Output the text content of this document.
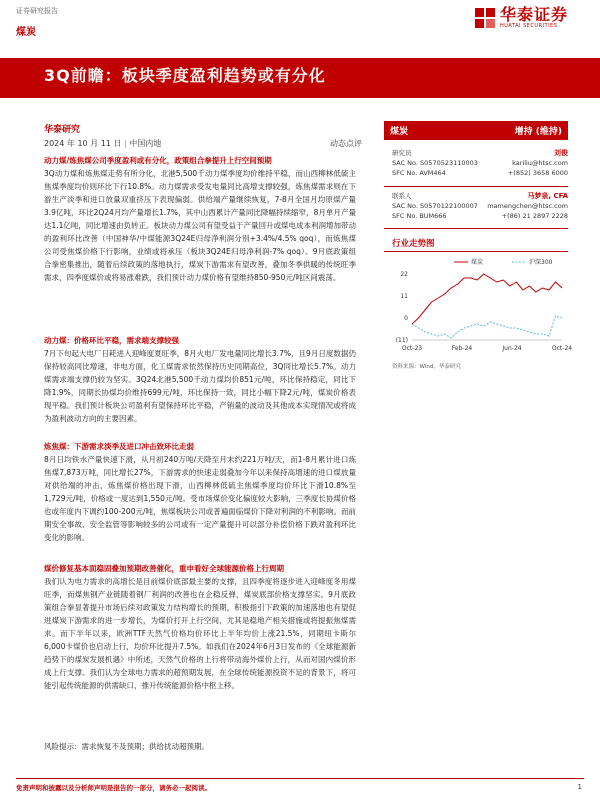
证券研究报告
煤炭
华泰证券
HUATAI SECURITIES
3Q前瞻：板块季度盈利趋势或有分化
华泰研究
2024 年 10 月 11 日 | 中国内地	动态点评

动力煤/炼焦煤公司季度盈利或有分化，政策组合拳提升上行空间预期
3Q动力煤和炼焦煤走势有所分化，北港5,500千动力煤季度均价维持平稳，而山西柳林低硫主焦煤季度均价则环比下行10.8%。动力煤需求受发电量同比高增支撑较强，炼焦煤需求则在下游生产淡季和进口放量双重挤压下表现偏弱。供给端产量继续恢复，7-8月全国月均原煤产量3.9亿吨，环比2Q24月均产量增长1.7%，其中山西累计产量同比降幅持续缩窄，8月单月产量达1.1亿吨，同比增速由负转正。板块动力煤公司有望受益于产量回升或煤电成本利润增加带动的盈利环比改善（中国神华/中煤能源3Q24E归母净利润分别+3.4%/4.5% qoq），而炼焦煤公司受焦煤价格下行影响，业绩或将承压（板块3Q24E归母净利润-7% qoq）。9月底政策组合拳密集推出，随着后续政策的落地执行，煤炭下游需求有望改善，叠加冬季供暖的传统旺季需求，四季度煤价或将易涨难跌，我们预计动力煤价格有望维持850-950元/吨区间震荡。

动力煤：价格环比平稳，需求端支撑较强
7月下旬起大电厂日耗进入迎峰度夏旺季，8月火电厂发电量同比增长3.7%，且9月日度数据仍保持较高同比增速，非电方面，化工煤需求依然保持历史同期高位，3Q同比增长5.7%。动力煤需求端支撑仍较为坚实。3Q24北港5,500千动力煤均价851元/吨，环比保持稳定，同比下降1.9%，同期长协煤均价维持699元/吨，环比保持一致，同比小幅下降2元/吨，煤炭价格表现平稳。我们预计板块公司盈利有望保持环比平稳，产销量的波动及其他成本实现情况或将成为盈利波动方向的主要因素。

炼焦煤：下游需求淡季及进口冲击致环比走弱
8月日均铁水产量快速下滑，从月初240万吨/天降至月末约221万吨/天，而1-8月累计进口炼焦煤7,873万吨，同比增长27%，下游需求的快速走弱叠加今年以来保持高增速的进口煤放量对供给端的冲击，炼焦煤价格出现下滑，山西柳林低硫主焦煤季度均价环比下滑10.8%至1,729元/吨，价格或一度达到1,550元/吨。受市场煤价变化偏度较大影响，三季度长协煤价格也或年度内下调约100-200元/吨，焦煤板块公司或普遍面临煤价下降对利润的不利影响。而前期安全事故、安全监管等影响较多的公司或有一定产量提升可以部分补偿价格下跌对盈利环比变化的影响。

煤价修复基本面稳固叠加预期改善催化，重申看好全球能源价格上行周期
我们认为电力需求的高增长是目前煤价底部最主要的支撑，且四季度将逐步进入迎峰度冬用煤旺季，而煤焦钢产业链随着钢厂利润的改善也在企稳反弹，煤炭底部价格支撑坚实。9月底政策组合拳显著提升市场后续对政策发力结构增长的预期，积极指引下政策的加速落地也有望促进煤炭下游需求的进一步增长，为煤价打开上行空间，尤其是稳地产相关措施或将提振焦煤需求。而下半年以来，欧洲TTF天然气价格均价环比上半年均价上涨21.5%，同期纽卡斯尔6,000卡煤价也启动上行，均价环比提升7.5%。如我们在2024年6月3日发布的《全球能源新趋势下的煤炭发展机遇》中所述，天然气价格的上行将带动海外煤价上行，从而对国内煤价形成上行支撑。我们认为全球电力需求的超预期发展，在全球传统能源投资不足的背景下，将可能引起传统能源的供需缺口，推升传统能源价格中枢上移。

风险提示：需求恢复不及预期；供给扰动超预期。
煤炭	增持 (维持)
研究员	刘俊
SAC No. S0570523110003	kariliu@htsc.com
SFC No. AVM464	+(852) 3658 6000
联系人	马梦泉, CFA
SAC No. S0570122100007 mamengchen@htsc.com
SFC No. BUM666	+(86) 21 2897 2228
行业走势图
22
11
0
(11)
Oct-23	Feb-24	Jun-24	Oct-24
煤炭	沪深300
资料来源：Wind，华泰研究
免责声明和披露以及分析师声明是报告的一部分，请务必一起阅读。	1
